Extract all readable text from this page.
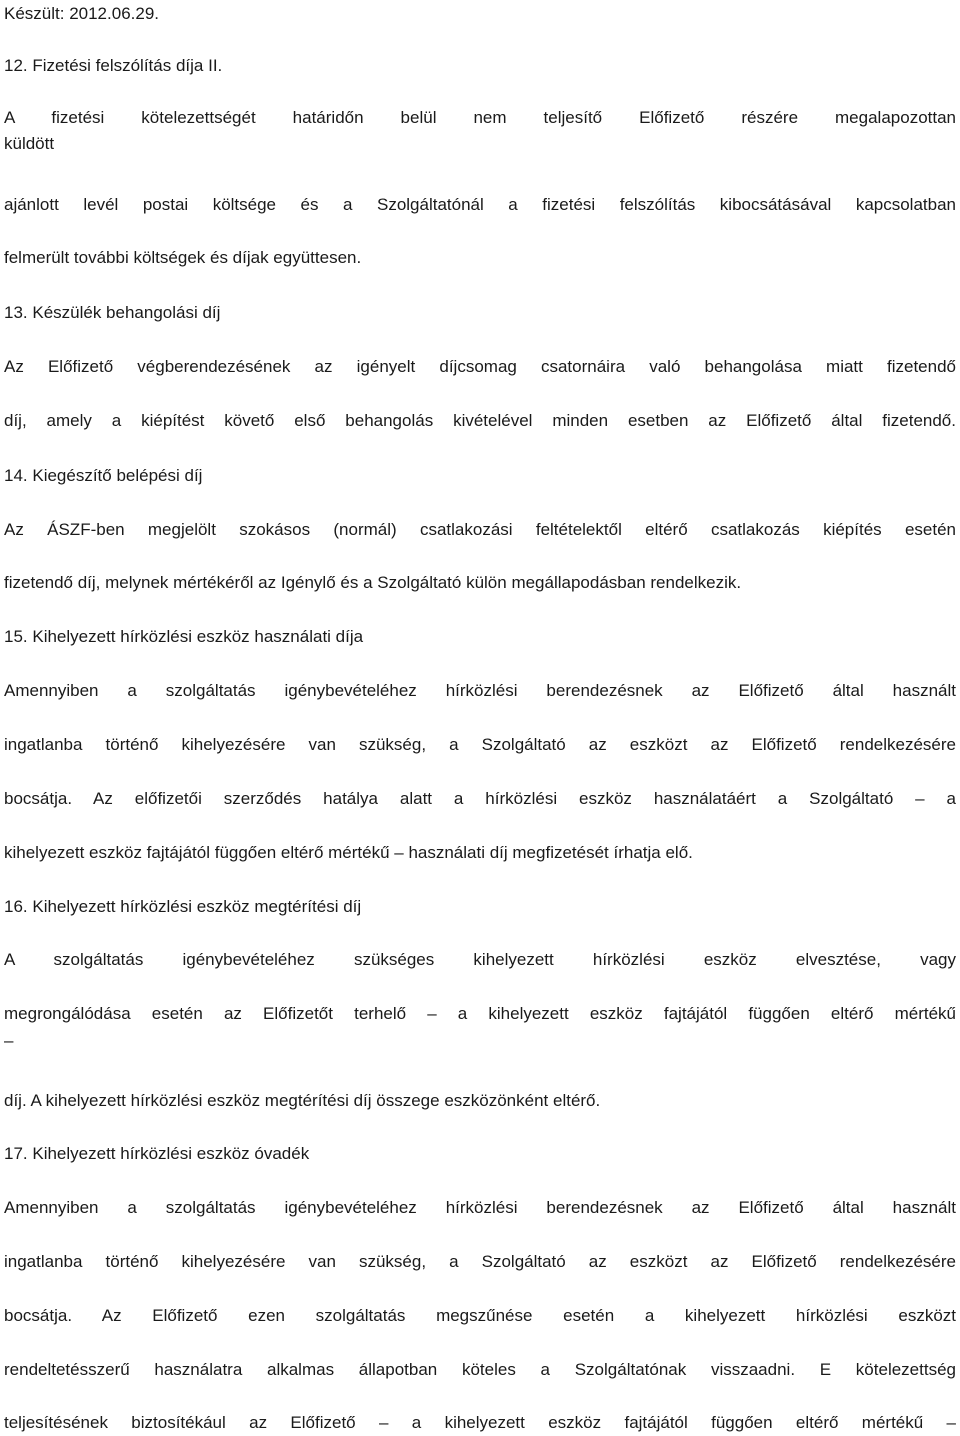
Készült: 2012.06.29.
12. Fizetési felszólítás díja II.
A fizetési kötelezettségét határidőn belül nem teljesítő Előfizető részére megalapozottan
küldött
ajánlott levél postai költsége és a Szolgáltatónál a fizetési felszólítás kibocsátásával kapcsolatban
felmerült további költségek és díjak együttesen.
13. Készülék behangolási díj
Az Előfizető végberendezésének az igényelt díjcsomag csatornáira való behangolása miatt fizetendő
díj, amely a kiépítést követő első behangolás kivételével minden esetben az Előfizető által fizetendő.
14. Kiegészítő belépési díj
Az ÁSZF-ben megjelölt szokásos (normál) csatlakozási feltételektől eltérő csatlakozás kiépítés esetén
fizetendő díj, melynek mértékéről az Igénylő és a Szolgáltató külön megállapodásban rendelkezik.
15. Kihelyezett hírközlési eszköz használati díja
Amennyiben a szolgáltatás igénybevételéhez hírközlési berendezésnek az Előfizető által használt
ingatlanba történő kihelyezésére van szükség, a Szolgáltató az eszközt az Előfizető rendelkezésére
bocsátja. Az előfizetői szerződés hatálya alatt a hírközlési eszköz használatáért a Szolgáltató – a
kihelyezett eszköz fajtájától függően eltérő mértékű – használati díj megfizetését írhatja elő.
16. Kihelyezett hírközlési eszköz megtérítési díj
A szolgáltatás igénybevételéhez szükséges kihelyezett hírközlési eszköz elvesztése, vagy
megrongálódása esetén az Előfizetőt terhelő – a kihelyezett eszköz fajtájától függően eltérő mértékű
–
díj. A kihelyezett hírközlési eszköz megtérítési díj összege eszközönként eltérő.
17. Kihelyezett hírközlési eszköz óvadék
Amennyiben a szolgáltatás igénybevételéhez hírközlési berendezésnek az Előfizető által használt
ingatlanba történő kihelyezésére van szükség, a Szolgáltató az eszközt az Előfizető rendelkezésére
bocsátja. Az Előfizető ezen szolgáltatás megszűnése esetén a kihelyezett hírközlési eszközt
rendeltetésszerű használatra alkalmas állapotban köteles a Szolgáltatónak visszaadni. E kötelezettség
teljesítésének biztosítékául az Előfizető – a kihelyezett eszköz fajtájától függően eltérő mértékű –
